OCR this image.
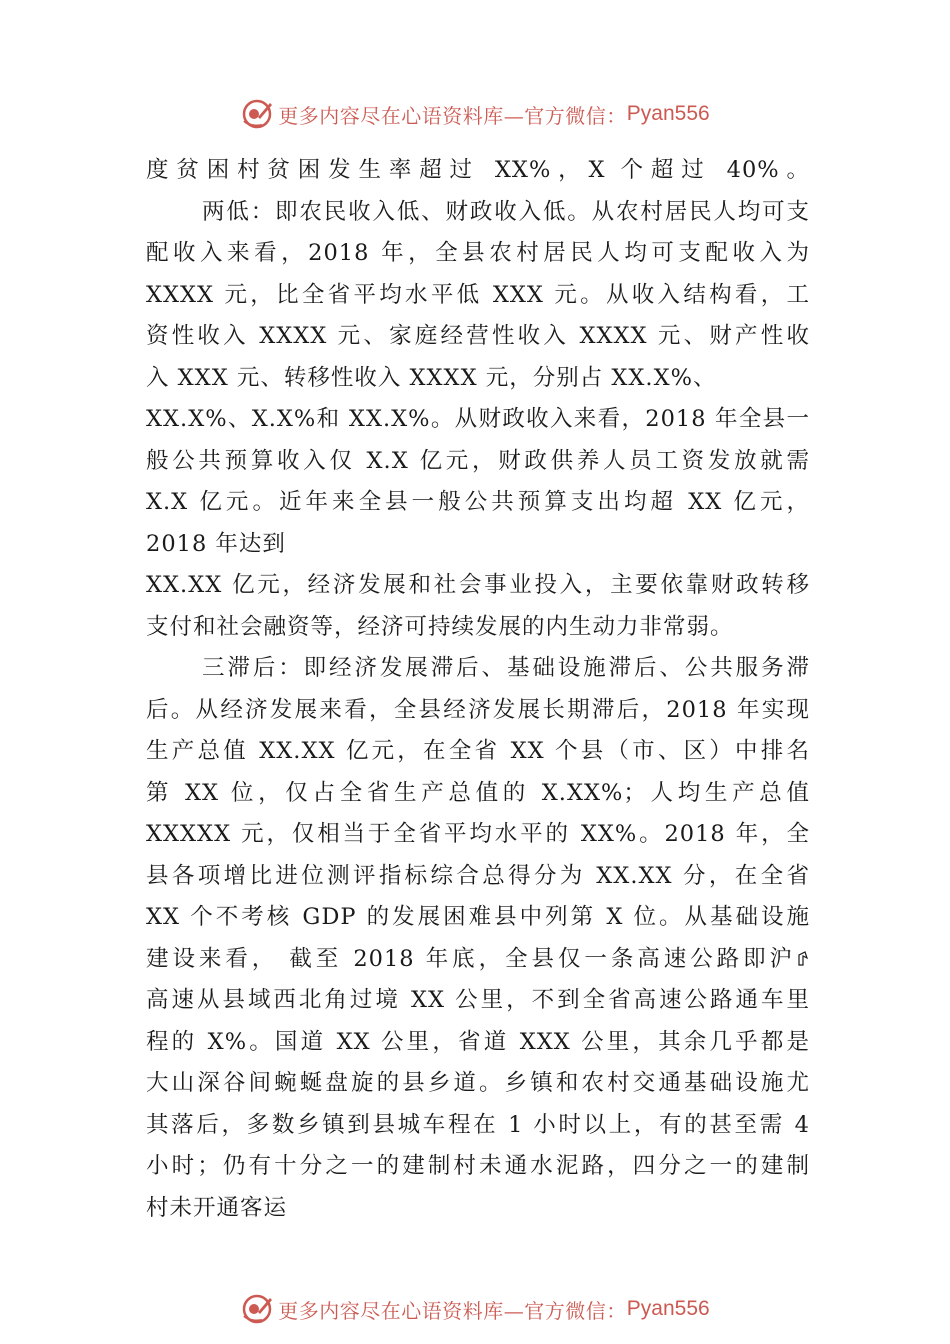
更多内容尽在心语资料库—官方微信： Pyan556
度贫困村贫困发生率超过 XX%，X 个超过 40%。
两低：即农民收入低、财政收入低。从农村居民人均可支
配收入来看，2018 年，全县农村居民人均可支配收入为
XXXX 元，比全省平均水平低 XXX 元。从收入结构看，工
资性收入 XXXX 元、家庭经营性收入 XXXX 元、财产性收
入 XXX 元、转移性收入 XXXX 元，分别占 XX.X%、
XX.X%、X.X%和 XX.X%。从财政收入来看，2018 年全县一
般公共预算收入仅 X.X 亿元，财政供养人员工资发放就需
X.X 亿元。近年来全县一般公共预算支出均超 XX 亿元，
2018 年达到
XX.XX 亿元，经济发展和社会事业投入，主要依靠财政转移
支付和社会融资等，经济可持续发展的内生动力非常弱。
三滞后：即经济发展滞后、基础设施滞后、公共服务滞
后。从经济发展来看，全县经济发展长期滞后，2018 年实现
生产总值 XX.XX 亿元，在全省 XX 个县（市、区）中排名
第 XX 位，仅占全省生产总值的 X.XX%；人均生产总值
XXXXX 元，仅相当于全省平均水平的 XX%。2018 年，全
县各项增比进位测评指标综合总得分为 XX.XX 分，在全省
XX 个不考核 GDP 的发展困难县中列第 X 位。从基础设施
建设来看， 截至 2018 年底，全县仅一条高速公路即沪
高速从县域西北角过境 XX 公里，不到全省高速公路通车里
程的 X%。国道 XX 公里，省道 XXX 公里，其余几乎都是
大山深谷间蜿蜒盘旋的县乡道。乡镇和农村交通基础设施尤
其落后，多数乡镇到县城车程在 1 小时以上，有的甚至需 4
小时；仍有十分之一的建制村未通水泥路，四分之一的建制
村未开通客运
更多内容尽在心语资料库—官方微信： Pyan556
